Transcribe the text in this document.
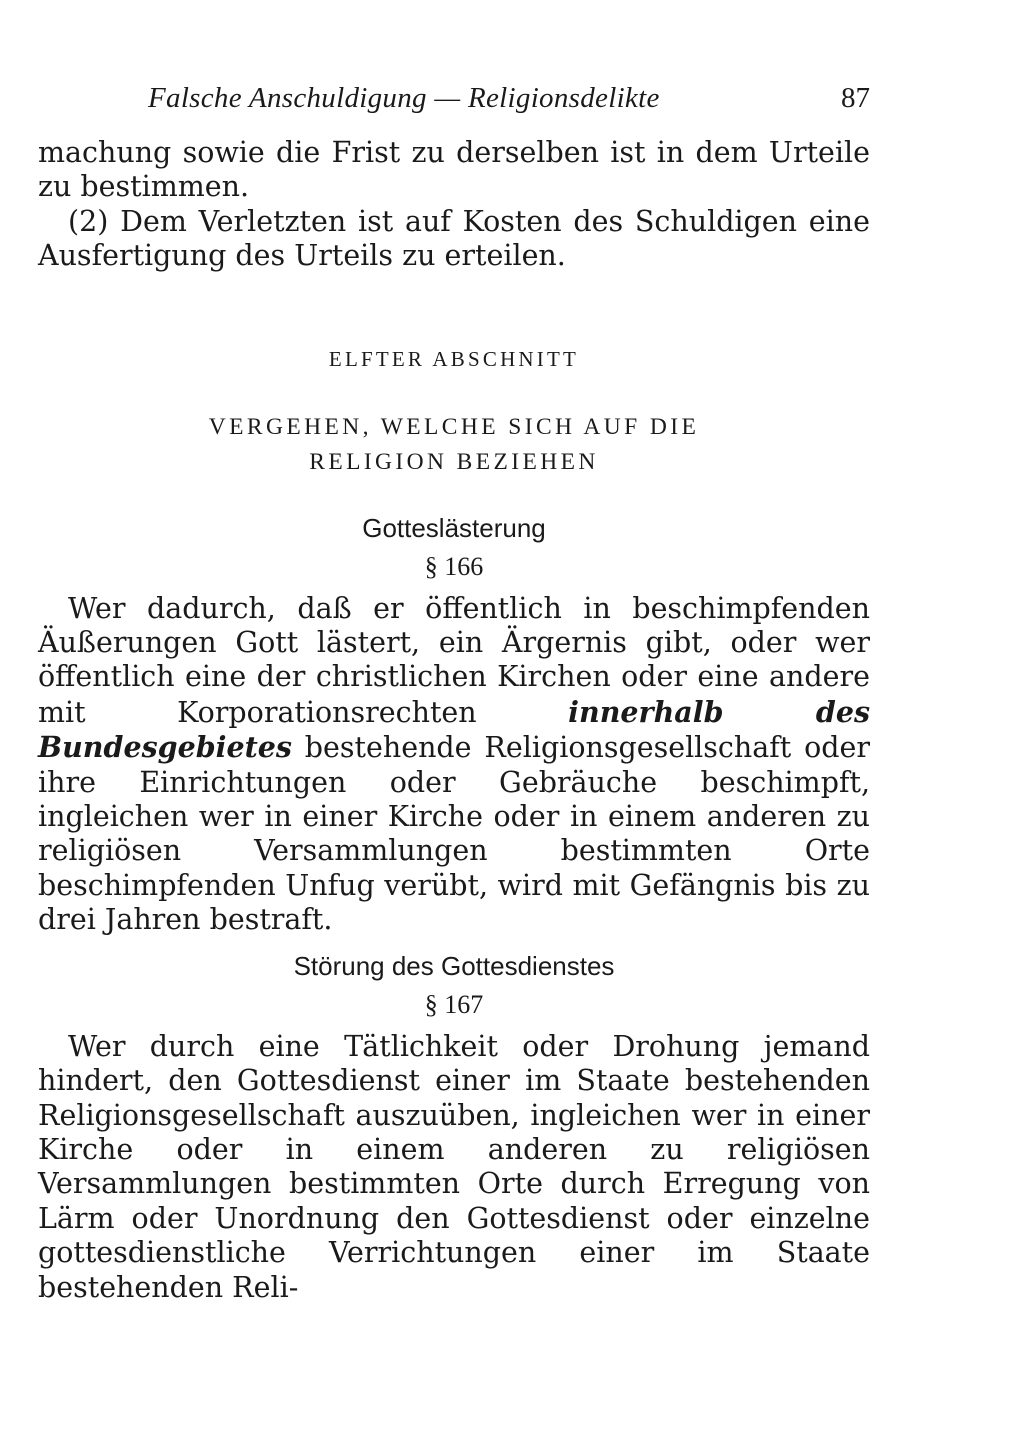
Falsche Anschuldigung — Religionsdelikte	87

machung sowie die Frist zu derselben ist in dem Urteile zu bestimmen.

(2) Dem Verletzten ist auf Kosten des Schuldigen eine Ausfertigung des Urteils zu erteilen.

ELFTER ABSCHNITT
VERGEHEN, WELCHE SICH AUF DIE
RELIGION BEZIEHEN
Gotteslästerung
§ 166

Wer dadurch, daß er öffentlich in beschimpfenden Äußerungen Gott lästert, ein Ärgernis gibt, oder wer öffentlich eine der christlichen Kirchen oder eine andere mit Korporationsrechten innerhalb des Bundesgebietes bestehende Religionsgesellschaft oder ihre Einrichtungen oder Gebräuche beschimpft, ingleichen wer in einer Kirche oder in einem anderen zu religiösen Versammlungen bestimmten Orte beschimpfenden Unfug verübt, wird mit Gefängnis bis zu drei Jahren bestraft.

Störung des Gottesdienstes
§ 167

Wer durch eine Tätlichkeit oder Drohung jemand hindert, den Gottesdienst einer im Staate bestehenden Religionsgesellschaft auszuüben, ingleichen wer in einer Kirche oder in einem anderen zu religiösen Versammlungen bestimmten Orte durch Erregung von Lärm oder Unordnung den Gottesdienst oder einzelne gottesdienstliche Verrichtungen einer im Staate bestehenden Reli-
